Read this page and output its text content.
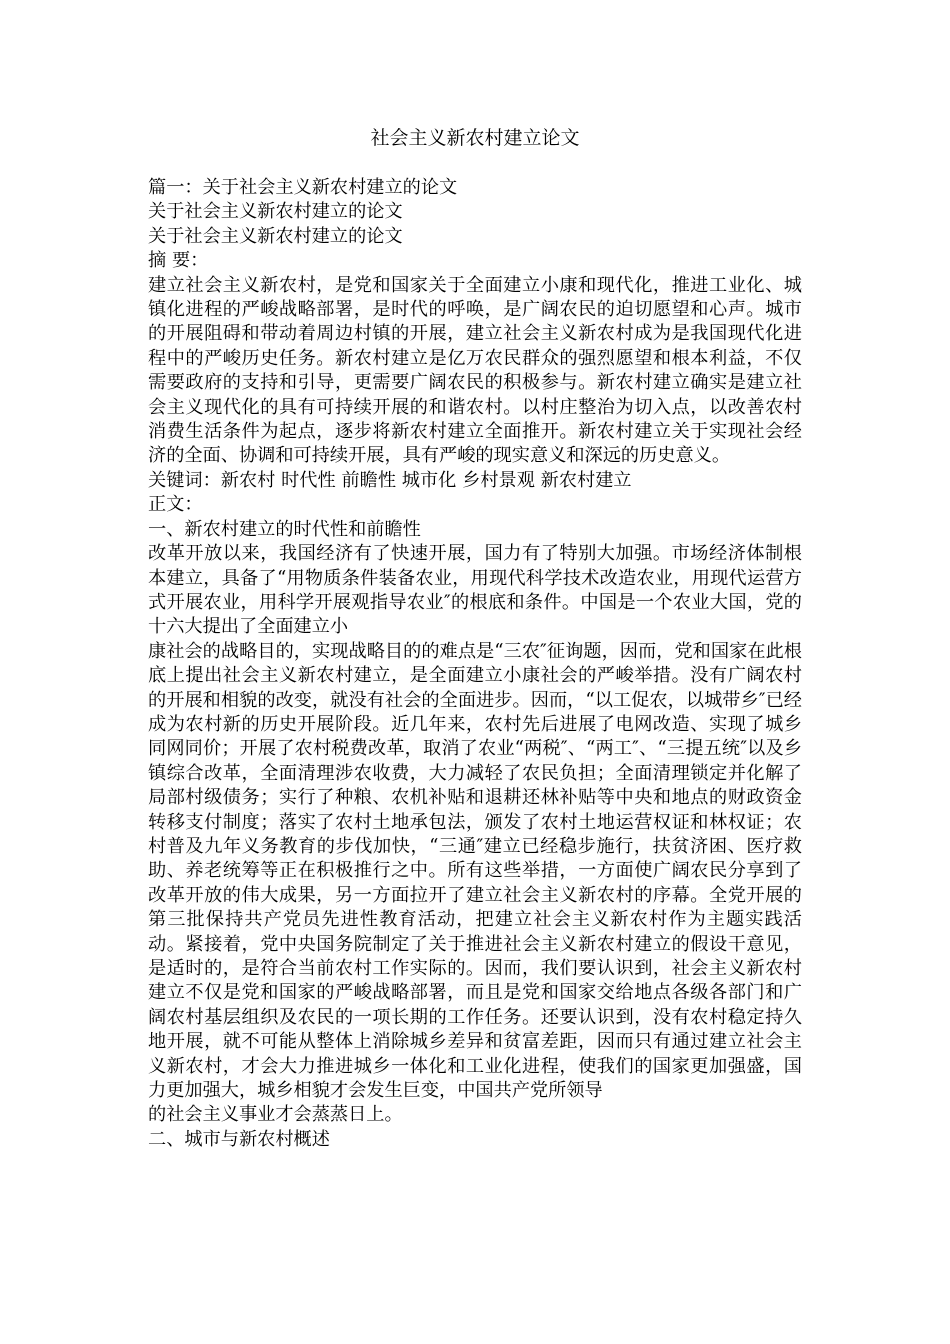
社会主义新农村建立论文

篇一：关于社会主义新农村建立的论文

关于社会主义新农村建立的论文

关于社会主义新农村建立的论文

摘 要：

建立社会主义新农村，是党和国家关于全面建立小康和现代化，推进工业化、城镇化进程的严峻战略部署，是时代的呼唤，是广阔农民的迫切愿望和心声。城市的开展阻碍和带动着周边村镇的开展，建立社会主义新农村成为是我国现代化进程中的严峻历史任务。新农村建立是亿万农民群众的强烈愿望和根本利益，不仅需要政府的支持和引导，更需要广阔农民的积极参与。新农村建立确实是建立社会主义现代化的具有可持续开展的和谐农村。以村庄整治为切入点，以改善农村消费生活条件为起点，逐步将新农村建立全面推开。新农村建立关于实现社会经济的全面、协调和可持续开展，具有严峻的现实意义和深远的历史意义。

关键词：新农村 时代性 前瞻性 城市化 乡村景观 新农村建立

正文：

一、新农村建立的时代性和前瞻性

改革开放以来，我国经济有了快速开展，国力有了特别大加强。市场经济体制根本建立，具备了“用物质条件装备农业，用现代科学技术改造农业，用现代运营方式开展农业，用科学开展观指导农业″的根底和条件。中国是一个农业大国，党的十六大提出了全面建立小

康社会的战略目的，实现战略目的的难点是“三农″征询题，因而，党和国家在此根底上提出社会主义新农村建立，是全面建立小康社会的严峻举措。没有广阔农村的开展和相貌的改变，就没有社会的全面进步。因而，“以工促农，以城带乡″已经成为农村新的历史开展阶段。近几年来，农村先后进展了电网改造、实现了城乡同网同价；开展了农村税费改革，取消了农业“两税″、“两工″、“三提五统″以及乡镇综合改革，全面清理涉农收费，大力减轻了农民负担；全面清理锁定并化解了局部村级债务；实行了种粮、农机补贴和退耕还林补贴等中央和地点的财政资金转移支付制度；落实了农村土地承包法，颁发了农村土地运营权证和林权证；农村普及九年义务教育的步伐加快，“三通″建立已经稳步施行，扶贫济困、医疗救助、养老统筹等正在积极推行之中。所有这些举措，一方面使广阔农民分享到了改革开放的伟大成果，另一方面拉开了建立社会主义新农村的序幕。全党开展的第三批保持共产党员先进性教育活动，把建立社会主义新农村作为主题实践活动。紧接着，党中央国务院制定了关于推进社会主义新农村建立的假设干意见，是适时的，是符合当前农村工作实际的。因而，我们要认识到，社会主义新农村建立不仅是党和国家的严峻战略部署，而且是党和国家交给地点各级各部门和广阔农村基层组织及农民的一项长期的工作任务。还要认识到，没有农村稳定持久地开展，就不可能从整体上消除城乡差异和贫富差距，因而只有通过建立社会主义新农村，才会大力推进城乡一体化和工业化进程，使我们的国家更加强盛，国力更加强大，城乡相貌才会发生巨变，中国共产党所领导

的社会主义事业才会蒸蒸日上。

二、城市与新农村概述
